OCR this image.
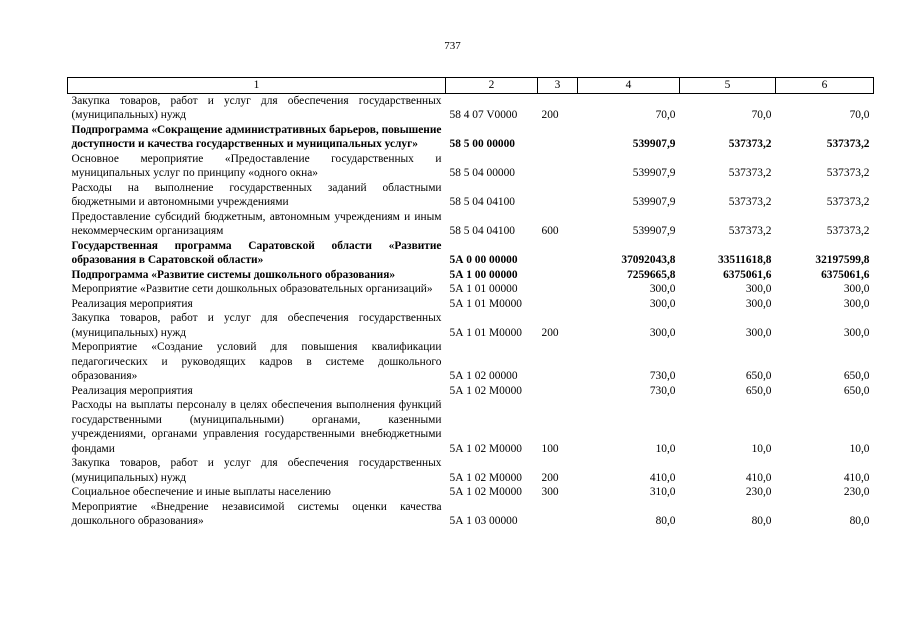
737
1	2	3	4	5	6
Закупка товаров, работ и услуг для обеспечения государственных (муниципальных) нужд	58 4 07 V0000	200	70,0	70,0	70,0
Подпрограмма «Сокращение административных барьеров, повышение доступности и качества государственных и муниципальных услуг»	58 5 00 00000		539907,9	537373,2	537373,2
Основное мероприятие «Предоставление государственных и муниципальных услуг по принципу «одного окна»	58 5 04 00000		539907,9	537373,2	537373,2
Расходы на выполнение государственных заданий областными бюджетными и автономными учреждениями	58 5 04 04100		539907,9	537373,2	537373,2
Предоставление субсидий бюджетным, автономным учреждениям и иным некоммерческим организациям	58 5 04 04100	600	539907,9	537373,2	537373,2
Государственная программа Саратовской области «Развитие образования в Саратовской области»	5А 0 00 00000		37092043,8	33511618,8	32197599,8
Подпрограмма «Развитие системы дошкольного образования»	5А 1 00 00000		7259665,8	6375061,6	6375061,6
Мероприятие «Развитие сети дошкольных образовательных организаций»	5А 1 01 00000		300,0	300,0	300,0
Реализация мероприятия	5А 1 01 М0000		300,0	300,0	300,0
Закупка товаров, работ и услуг для обеспечения государственных (муниципальных) нужд	5А 1 01 М0000	200	300,0	300,0	300,0
Мероприятие «Создание условий для повышения квалификации педагогических и руководящих кадров в системе дошкольного образования»	5А 1 02 00000		730,0	650,0	650,0
Реализация мероприятия	5А 1 02 М0000		730,0	650,0	650,0
Расходы на выплаты персоналу в целях обеспечения выполнения функций государственными (муниципальными) органами, казенными учреждениями, органами управления государственными внебюджетными фондами	5А 1 02 М0000	100	10,0	10,0	10,0
Закупка товаров, работ и услуг для обеспечения государственных (муниципальных) нужд	5А 1 02 М0000	200	410,0	410,0	410,0
Социальное обеспечение и иные выплаты населению	5А 1 02 М0000	300	310,0	230,0	230,0
Мероприятие «Внедрение независимой системы оценки качества дошкольного образования»	5А 1 03 00000		80,0	80,0	80,0
